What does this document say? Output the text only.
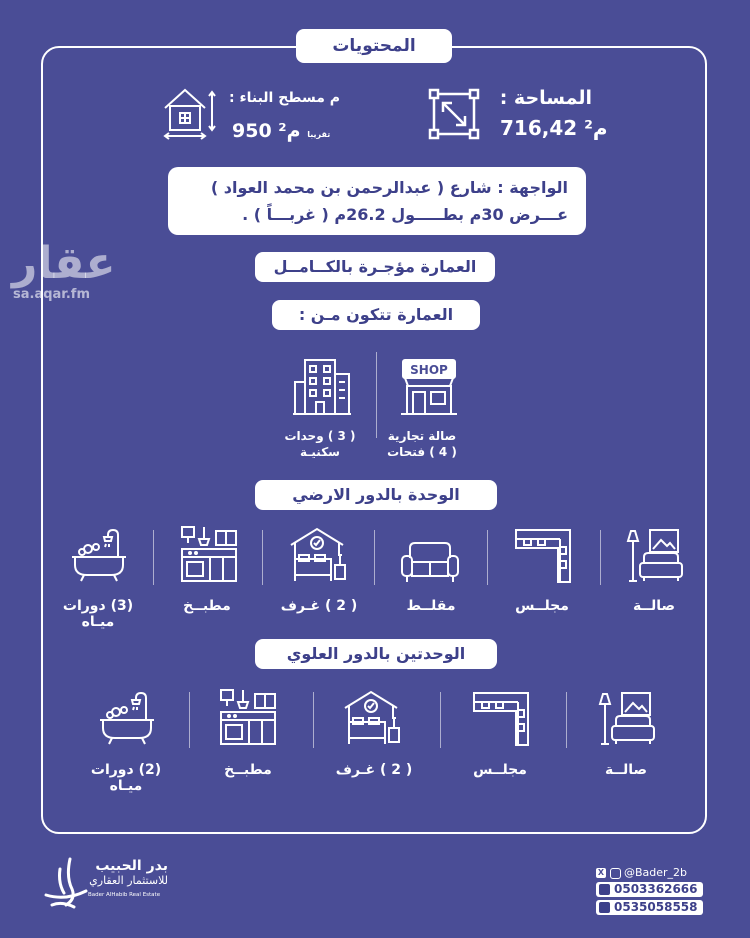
المحتويات
المساحة :
م² 716,42
م مسطح البناء :
تقريبا م² 950
الواجهة : شارع ( عبدالرحمن بن محمد العواد )
عـــرض 30م بطـــــول 26.2م ( غربـــاً ) .
عقار
sa.aqar.fm
العمارة مؤجـرة بالكــامــل
العمارة تتكون مـن :
SHOP
صالة تجارية
( 4 ) فتحات
( 3 ) وحدات
سكنيـة
الوحدة بالدور الارضي
صالــة
مجلــس
مقلــط
( 2 ) غـرف
مطبــخ
(3) دورات
ميـاه
الوحدتين بالدور العلوي
صالــة
مجلــس
( 2 ) غـرف
مطبــخ
(2) دورات
ميـاه
بدر الحبيب
للاستثمار العقاري
Bader AlHabib Real Estate
X @Bader_2b
0503362666
0535058558
